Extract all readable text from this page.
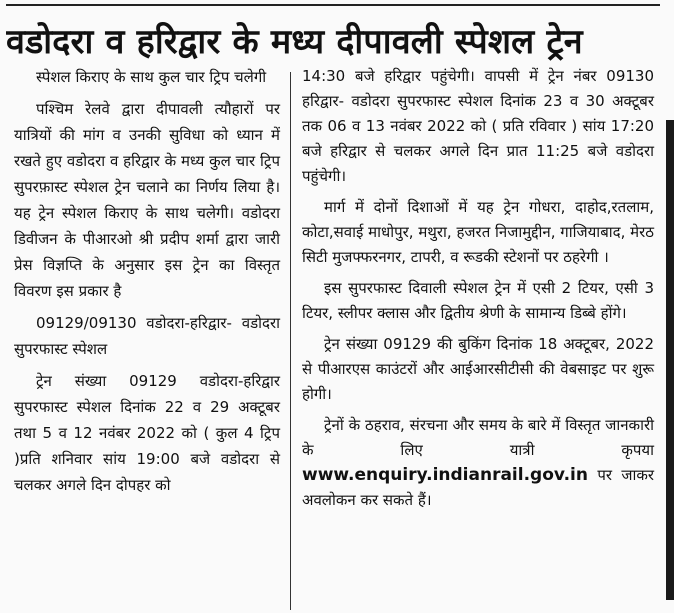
वडोदरा व हरिद्वार के मध्य दीपावली स्पेशल ट्रेन

स्पेशल किराए के साथ कुल चार ट्रिप चलेगी

पश्चिम रेलवे द्वारा दीपावली त्यौहारों पर यात्रियों की मांग व उनकी सुविधा को ध्यान में रखते हुए वडोदरा व हरिद्वार के मध्य कुल चार ट्रिप सुपरफ़ास्ट स्पेशल ट्रेन चलाने का निर्णय लिया है। यह ट्रेन स्पेशल किराए के साथ चलेगी। वडोदरा डिवीजन के पीआरओ श्री प्रदीप शर्मा द्वारा जारी प्रेस विज्ञप्ति के अनुसार इस ट्रेन का विस्तृत विवरण इस प्रकार है

09129/09130 वडोदरा-हरिद्वार- वडोदरा सुपरफास्ट स्पेशल

ट्रेन संख्या 09129 वडोदरा-हरिद्वार सुपरफास्ट स्पेशल दिनांक 22 व 29 अक्टूबर तथा 5 व 12 नवंबर 2022 को ( कुल 4 ट्रिप )प्रति शनिवार सांय 19:00 बजे वडोदरा से चलकर अगले दिन दोपहर को

14:30 बजे हरिद्वार पहुंचेगी। वापसी में ट्रेन नंबर 09130 हरिद्वार- वडोदरा सुपरफास्ट स्पेशल दिनांक 23 व 30 अक्टूबर तक 06 व 13 नवंबर 2022 को ( प्रति रविवार ) सांय 17:20 बजे हरिद्वार से चलकर अगले दिन प्रात 11:25 बजे वडोदरा पहुंचेगी।

मार्ग में दोनों दिशाओं में यह ट्रेन गोधरा, दाहोद,रतलाम, कोटा,सवाई माधोपुर, मथुरा, हजरत निजामुद्दीन, गाजियाबाद, मेरठ सिटी मुजफ्फरनगर, टापरी, व रूडकी स्टेशनों पर ठहरेगी ।

इस सुपरफास्ट दिवाली स्पेशल ट्रेन में एसी 2 टियर, एसी 3 टियर, स्लीपर क्लास और द्वितीय श्रेणी के सामान्य डिब्बे होंगे।

ट्रेन संख्या 09129 की बुकिंग दिनांक 18 अक्टूबर, 2022 से पीआरएस काउंटरों और आईआरसीटीसी की वेबसाइट पर शुरू होगी।

ट्रेनों के ठहराव, संरचना और समय के बारे में विस्तृत जानकारी के लिए यात्री कृपया www.enquiry.indianrail.gov.in पर जाकर अवलोकन कर सकते हैं।
